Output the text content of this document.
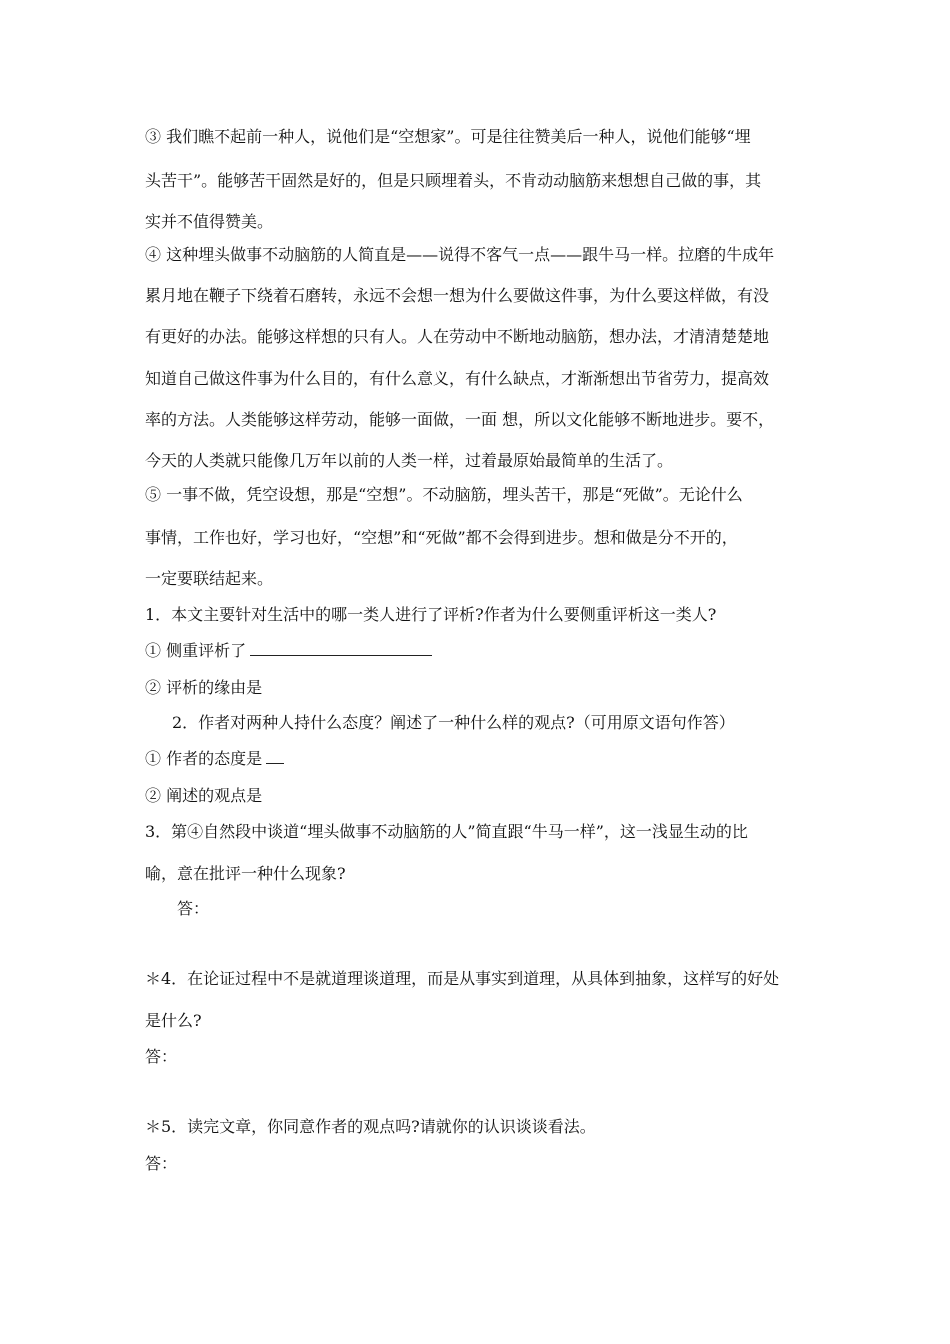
③ 我们瞧不起前一种人，说他们是“空想家”。可是往往赞美后一种人，说他们能够“埋
头苦干”。能够苦干固然是好的，但是只顾埋着头，不肯动动脑筋来想想自己做的事，其
实并不值得赞美。
④ 这种埋头做事不动脑筋的人简直是——说得不客气一点——跟牛马一样。拉磨的牛成年
累月地在鞭子下绕着石磨转，永远不会想一想为什么要做这件事，为什么要这样做，有没
有更好的办法。能够这样想的只有人。人在劳动中不断地动脑筋，想办法，才清清楚楚地
知道自己做这件事为什么目的，有什么意义，有什么缺点，才渐渐想出节省劳力，提高效
率的方法。人类能够这样劳动，能够一面做，一面 想，所以文化能够不断地进步。要不，
今天的人类就只能像几万年以前的人类一样，过着最原始最简单的生活了。
⑤ 一事不做，凭空设想，那是“空想”。不动脑筋，埋头苦干，那是“死做”。无论什么
事情，工作也好，学习也好，“空想”和“死做”都不会得到进步。想和做是分不开的，
一定要联结起来。
1．本文主要针对生活中的哪一类人进行了评析?作者为什么要侧重评析这一类人?
① 侧重评析了
② 评析的缘由是
2．作者对两种人持什么态度？阐述了一种什么样的观点?（可用原文语句作答）
① 作者的态度是
② 阐述的观点是
3．第④自然段中谈道“埋头做事不动脑筋的人”简直跟“牛马一样”，这一浅显生动的比
喻，意在批评一种什么现象?
答：
＊4．在论证过程中不是就道理谈道理，而是从事实到道理，从具体到抽象，这样写的好处
是什么?
答：
＊5．读完文章，你同意作者的观点吗?请就你的认识谈谈看法。
答：
